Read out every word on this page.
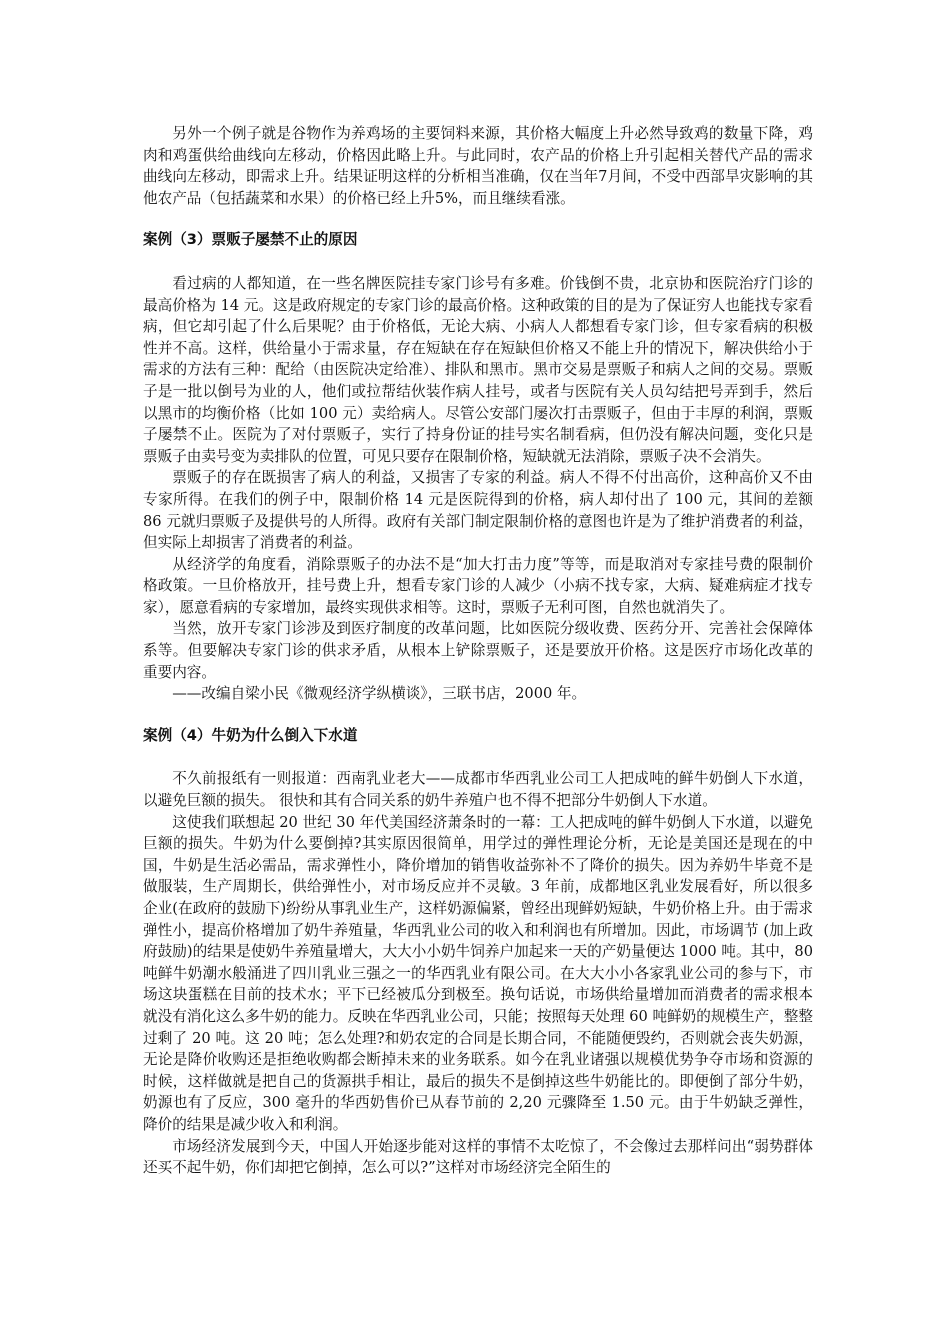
另外一个例子就是谷物作为养鸡场的主要饲料来源，其价格大幅度上升必然导致鸡的数量下降，鸡肉和鸡蛋供给曲线向左移动，价格因此略上升。与此同时，农产品的价格上升引起相关替代产品的需求曲线向左移动，即需求上升。结果证明这样的分析相当准确，仅在当年7月间，不受中西部旱灾影响的其他农产品（包括蔬菜和水果）的价格已经上升5%，而且继续看涨。

案例（3）票贩子屡禁不止的原因

看过病的人都知道，在一些名牌医院挂专家门诊号有多难。价钱倒不贵，北京协和医院治疗门诊的最高价格为 14 元。这是政府规定的专家门诊的最高价格。这种政策的目的是为了保证穷人也能找专家看病，但它却引起了什么后果呢？由于价格低，无论大病、小病人人都想看专家门诊，但专家看病的积极性并不高。这样，供给量小于需求量，存在短缺在存在短缺但价格又不能上升的情况下，解决供给小于需求的方法有三种：配给（由医院决定给准）、排队和黑市。黑市交易是票贩子和病人之间的交易。票贩子是一批以倒号为业的人，他们或拉帮结伙装作病人挂号，或者与医院有关人员勾结把号弄到手，然后以黑市的均衡价格（比如 100 元）卖给病人。尽管公安部门屡次打击票贩子，但由于丰厚的利润，票贩子屡禁不止。医院为了对付票贩子，实行了持身份证的挂号实名制看病，但仍没有解决问题，变化只是票贩子由卖号变为卖排队的位置，可见只要存在限制价格，短缺就无法消除，票贩子决不会消失。

票贩子的存在既损害了病人的利益，又损害了专家的利益。病人不得不付出高价，这种高价又不由专家所得。在我们的例子中，限制价格 14 元是医院得到的价格，病人却付出了 100 元，其间的差额 86 元就归票贩子及提供号的人所得。政府有关部门制定限制价格的意图也许是为了维护消费者的利益，但实际上却损害了消费者的利益。

从经济学的角度看，消除票贩子的办法不是“加大打击力度”等等，而是取消对专家挂号费的限制价格政策。一旦价格放开，挂号费上升，想看专家门诊的人减少（小病不找专家，大病、疑难病症才找专家），愿意看病的专家增加，最终实现供求相等。这时，票贩子无利可图，自然也就消失了。

当然，放开专家门诊涉及到医疗制度的改革问题，比如医院分级收费、医药分开、完善社会保障体系等。但要解决专家门诊的供求矛盾，从根本上铲除票贩子，还是要放开价格。这是医疗市场化改革的重要内容。

——改编自梁小民《微观经济学纵横谈》，三联书店，2000 年。

案例（4）牛奶为什么倒入下水道

不久前报纸有一则报道：西南乳业老大——成都市华西乳业公司工人把成吨的鲜牛奶倒人下水道，以避免巨额的损失。 很快和其有合同关系的奶牛养殖户也不得不把部分牛奶倒人下水道。

这使我们联想起 20 世纪 30 年代美国经济萧条时的一幕：工人把成吨的鲜牛奶倒人下水道，以避免巨额的损失。牛奶为什么要倒掉?其实原因很简单，用学过的弹性理论分析，无论是美国还是现在的中国，牛奶是生活必需品，需求弹性小，降价增加的销售收益弥补不了降价的损失。因为养奶牛毕竟不是做服装，生产周期长，供给弹性小，对市场反应并不灵敏。3 年前，成都地区乳业发展看好，所以很多企业(在政府的鼓励下)纷纷从事乳业生产，这样奶源偏紧，曾经出现鲜奶短缺，牛奶价格上升。由于需求弹性小，提高价格增加了奶牛养殖量，华西乳业公司的收入和利润也有所增加。因此，市场调节 (加上政府鼓励)的结果是使奶牛养殖量增大，大大小小奶牛饲养户加起来一天的产奶量便达 1000 吨。其中，80 吨鲜牛奶潮水般涌进了四川乳业三强之一的华西乳业有限公司。在大大小小各家乳业公司的参与下，市场这块蛋糕在目前的技术水；平下已经被瓜分到极至。换句话说，市场供给量增加而消费者的需求根本就没有消化这么多牛奶的能力。反映在华西乳业公司，只能；按照每天处理 60 吨鲜奶的规模生产，整整过剩了 20 吨。这 20 吨；怎么处理?和奶农定的合同是长期合同，不能随便毁约，否则就会丧失奶源，无论是降价收购还是拒绝收购都会断掉未来的业务联系。如今在乳业诸强以规模优势争夺市场和资源的时候，这样做就是把自己的货源拱手相让，最后的损失不是倒掉这些牛奶能比的。即便倒了部分牛奶，奶源也有了反应，300 毫升的华西奶售价已从春节前的 2,20 元骤降至 1.50 元。由于牛奶缺乏弹性，降价的结果是减少收入和利润。

市场经济发展到今天，中国人开始逐步能对这样的事情不太吃惊了，不会像过去那样问出“弱势群体还买不起牛奶，你们却把它倒掉，怎么可以?”这样对市场经济完全陌生的
